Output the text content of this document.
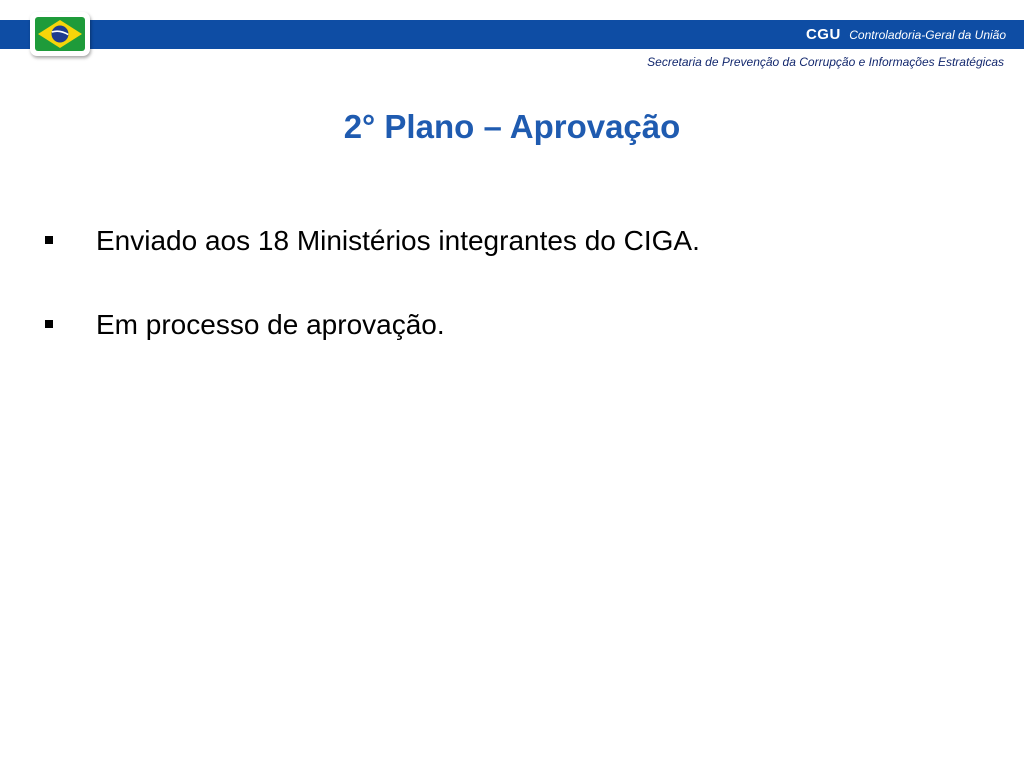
CGU Controladoria-Geral da União
Secretaria de Prevenção da Corrupção e Informações Estratégicas
2° Plano – Aprovação
Enviado aos 18 Ministérios integrantes do CIGA.
Em processo de aprovação.
